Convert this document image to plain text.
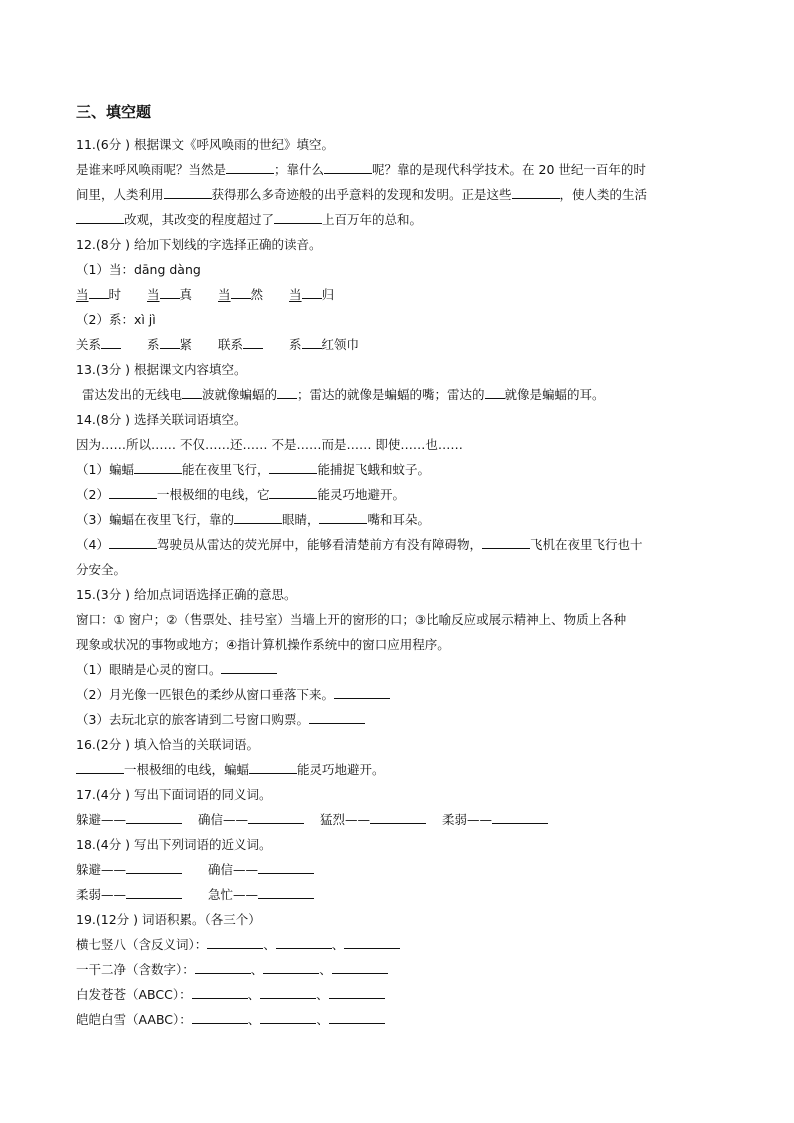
三、填空题
11.(6分 ) 根据课文《呼风唤雨的世纪》填空。
是谁来呼风唤雨呢？当然是	；靠什么	呢？靠的是现代科学技术。在 20 世纪一百年的时
间里，人类利用	获得那么多奇迹般的出乎意料的发现和发明。正是这些	，使人类的生活
改观，其改变的程度超过了	上百万年的总和。
12.(8分 ) 给加下划线的字选择正确的读音。
（1）当：dāng dàng
当 时 当 真 当 然 当 归
（2）系：xì jì
关系	系 紧 联系	系 红领巾
13.(3分 ) 根据课文内容填空。
雷达发出的无线电 波就像蝙蝠的 ；雷达的就像是蝙蝠的嘴；雷达的 就像是蝙蝠的耳。
14.(8分 ) 选择关联词语填空。
因为……所以…… 不仅……还…… 不是……而是…… 即使……也……
（1）蝙蝠	能在夜里飞行，	能捕捉飞蛾和蚊子。
（2）	一根极细的电线，它	能灵巧地避开。
（3）蝙蝠在夜里飞行，靠的	眼睛，	嘴和耳朵。
（4）	驾驶员从雷达的荧光屏中，能够看清楚前方有没有障碍物，	飞机在夜里飞行也十
分安全。
15.(3分 ) 给加点词语选择正确的意思。
窗口：① 窗户；②（售票处、挂号室）当墙上开的窗形的口；③比喻反应或展示精神上、物质上各种
现象或状况的事物或地方；④指计算机操作系统中的窗口应用程序。
（1）眼睛是心灵的窗口。
（2）月光像一匹银色的柔纱从窗口垂落下来。
（3）去玩北京的旅客请到二号窗口购票。
16.(2分 ) 填入恰当的关联词语。
一根极细的电线，蝙蝠	能灵巧地避开。
17.(4分 ) 写出下面词语的同义词。
躲避——	确信——	猛烈——	柔弱——
18.(4分 ) 写出下列词语的近义词。
躲避——	确信——
柔弱——	急忙——
19.(12分 ) 词语积累。（各三个）
横七竖八（含反义词）：	、	、
一干二净（含数字）：	、	、
白发苍苍（ABCC）：	、	、
皑皑白雪（AABC）：	、	、
